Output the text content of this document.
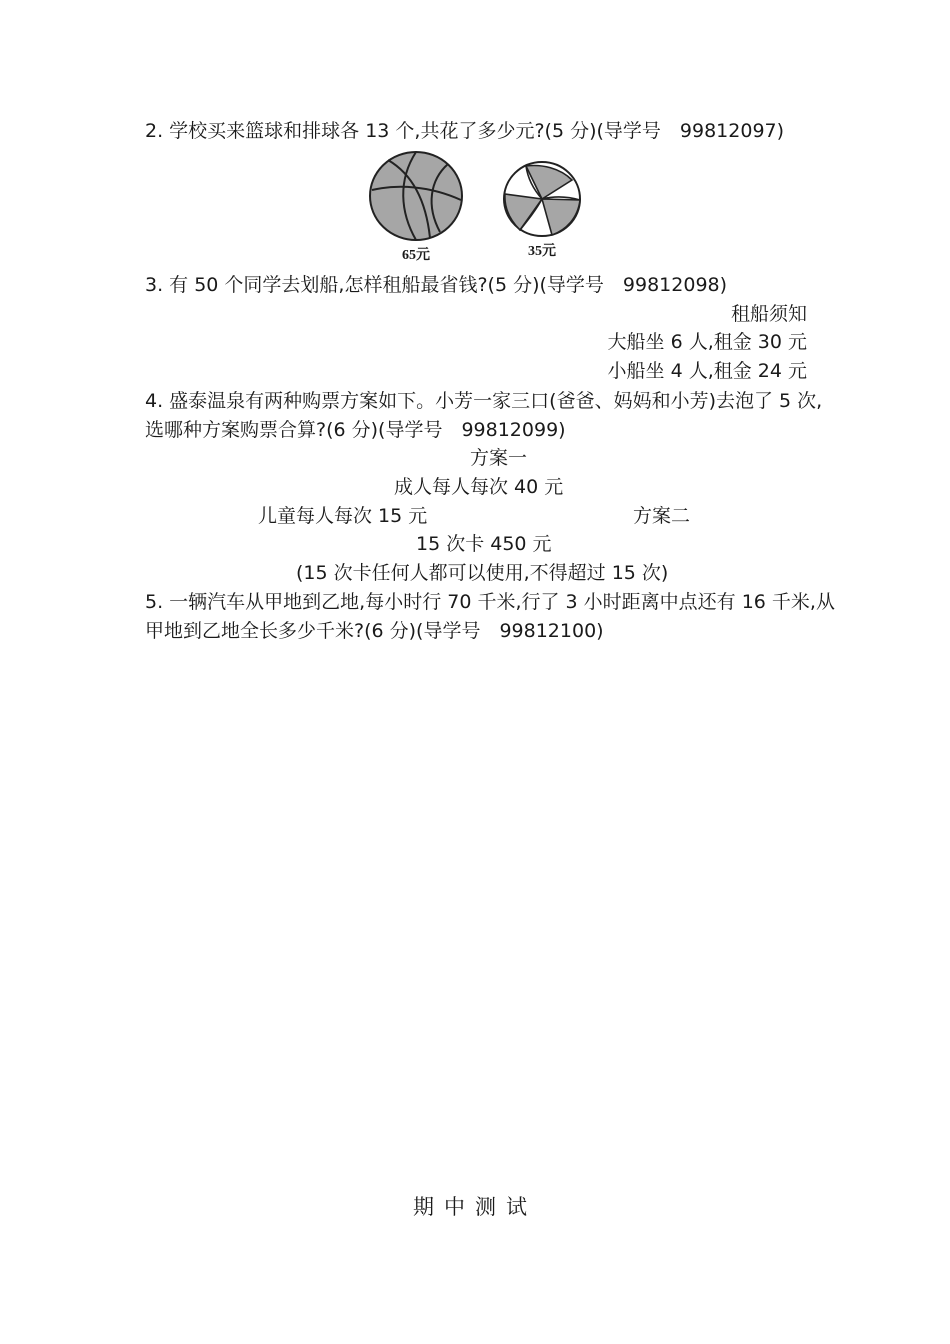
2. 学校买来篮球和排球各 13 个,共花了多少元?(5 分)(导学号　99812097)
65元	35元
3. 有 50 个同学去划船,怎样租船最省钱?(5 分)(导学号　99812098)
租船须知
大船坐 6 人,租金 30 元
小船坐 4 人,租金 24 元
4. 盛泰温泉有两种购票方案如下。小芳一家三口(爸爸、妈妈和小芳)去泡了 5 次,
选哪种方案购票合算?(6 分)(导学号　99812099)
方案一
成人每人每次 40 元
儿童每人每次 15 元	方案二
15 次卡 450 元
(15 次卡任何人都可以使用,不得超过 15 次)
5. 一辆汽车从甲地到乙地,每小时行 70 千米,行了 3 小时距离中点还有 16 千米,从
甲地到乙地全长多少千米?(6 分)(导学号　99812100)
期中测试
